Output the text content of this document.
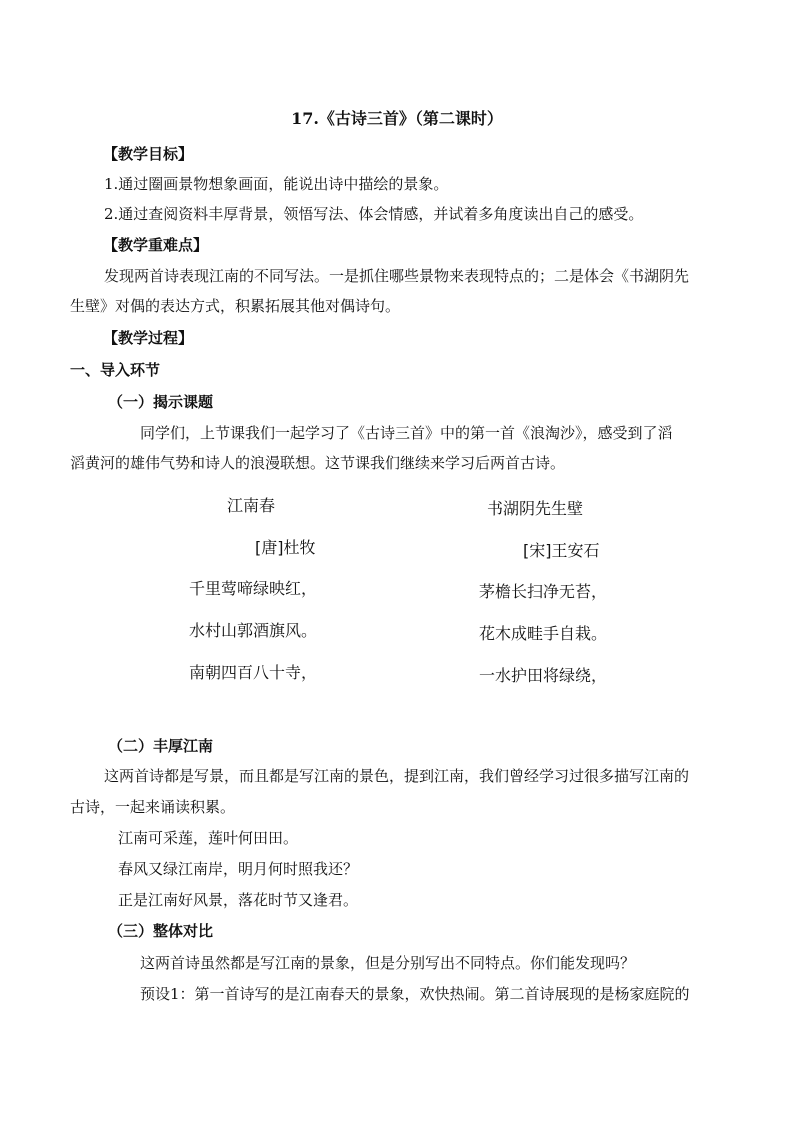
17.《古诗三首》（第二课时）
【教学目标】
1.通过圈画景物想象画面，能说出诗中描绘的景象。
2.通过查阅资料丰厚背景，领悟写法、体会情感，并试着多角度读出自己的感受。
【教学重难点】
发现两首诗表现江南的不同写法。一是抓住哪些景物来表现特点的；二是体会《书湖阴先
生壁》对偶的表达方式，积累拓展其他对偶诗句。
【教学过程】
一、导入环节
（一）揭示课题
同学们，上节课我们一起学习了《古诗三首》中的第一首《浪淘沙》，感受到了滔
滔黄河的雄伟气势和诗人的浪漫联想。这节课我们继续来学习后两首古诗。
江南春
[唐]杜牧
千里莺啼绿映红，
水村山郭酒旗风。
南朝四百八十寺，
书湖阴先生壁
[宋]王安石
茅檐长扫净无苔，
花木成畦手自栽。
一水护田将绿绕，
（二）丰厚江南
这两首诗都是写景，而且都是写江南的景色，提到江南，我们曾经学习过很多描写江南的
古诗，一起来诵读积累。
江南可采莲，莲叶何田田。
春风又绿江南岸，明月何时照我还？
正是江南好风景，落花时节又逢君。
（三）整体对比
这两首诗虽然都是写江南的景象，但是分别写出不同特点。你们能发现吗？
预设1：第一首诗写的是江南春天的景象，欢快热闹。第二首诗展现的是杨家庭院的
